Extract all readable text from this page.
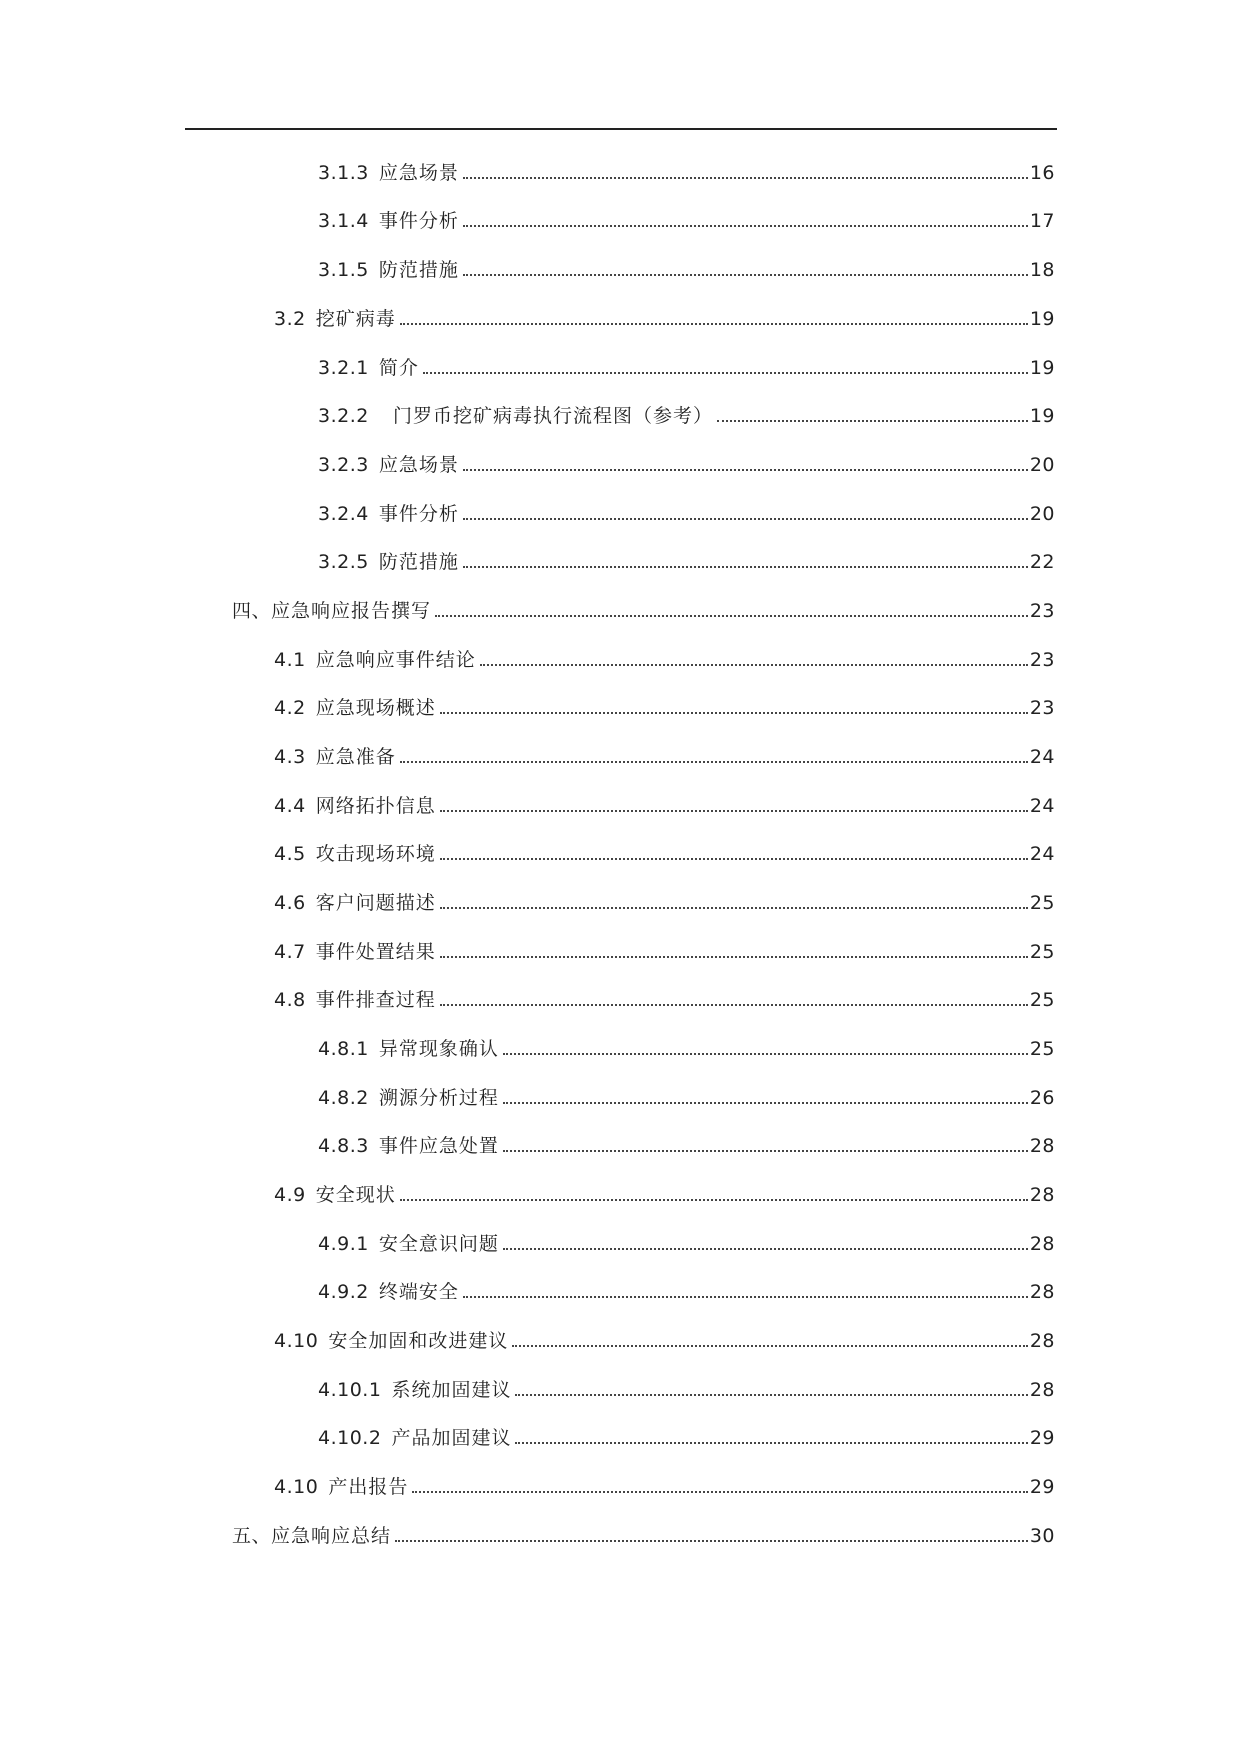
3.1.3 应急场景	16
3.1.4 事件分析	17
3.1.5 防范措施	18
3.2 挖矿病毒	19
3.2.1 简介	19
3.2.2 门罗币挖矿病毒执行流程图（参考）	19
3.2.3 应急场景	20
3.2.4 事件分析	20
3.2.5 防范措施	22
四、 应急响应报告撰写	23
4.1 应急响应事件结论	23
4.2 应急现场概述	23
4.3 应急准备	24
4.4 网络拓扑信息	24
4.5 攻击现场环境	24
4.6 客户问题描述	25
4.7 事件处置结果	25
4.8 事件排查过程	25
4.8.1 异常现象确认	25
4.8.2 溯源分析过程	26
4.8.3 事件应急处置	28
4.9 安全现状	28
4.9.1 安全意识问题	28
4.9.2 终端安全	28
4.10 安全加固和改进建议	28
4.10.1 系统加固建议	28
4.10.2 产品加固建议	29
4.10 产出报告	29
五、 应急响应总结	30
